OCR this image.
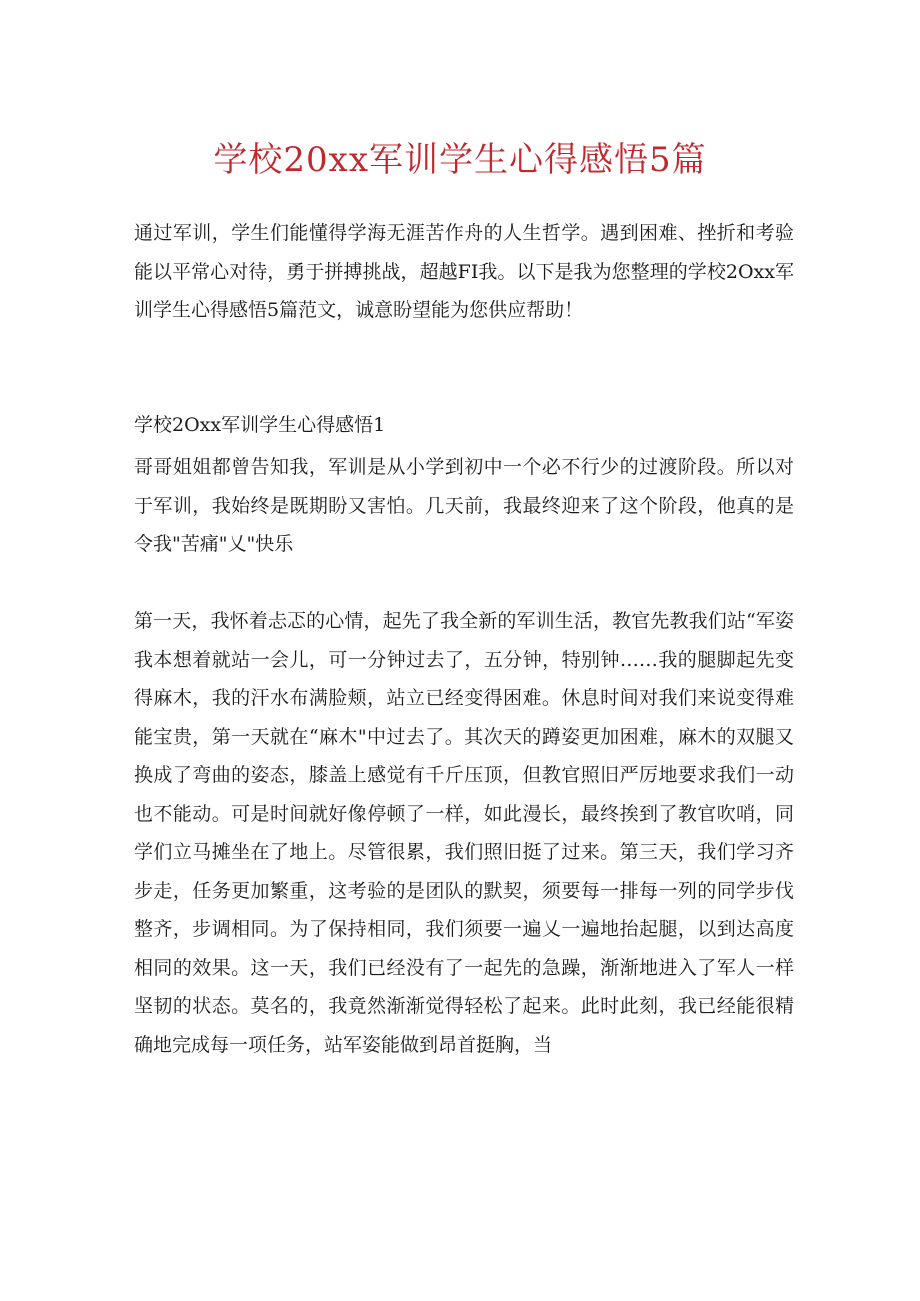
学校20xx军训学生心得感悟5篇

通过军训，学生们能懂得学海无涯苦作舟的人生哲学。遇到困难、挫折和考验能以平常心对待，勇于拼搏挑战，超越FI我。以下是我为您整理的学校2Oxx军训学生心得感悟5篇范文，诚意盼望能为您供应帮助！

学校2Oxx军训学生心得感悟1

哥哥姐姐都曾告知我，军训是从小学到初中一个必不行少的过渡阶段。所以对于军训，我始终是既期盼又害怕。几天前，我最终迎来了这个阶段，他真的是令我"苦痛"乂"快乐

第一天，我怀着忐忑的心情，起先了我全新的军训生活，教官先教我们站“军姿我本想着就站一会儿，可一分钟过去了，五分钟，特别钟……我的腿脚起先变得麻木，我的汗水布满脸颊，站立已经变得困难。休息时间对我们来说变得难能宝贵，第一天就在“麻木"中过去了。其次天的蹲姿更加困难，麻木的双腿又换成了弯曲的姿态，膝盖上感觉有千斤压顶，但教官照旧严厉地要求我们一动也不能动。可是时间就好像停顿了一样，如此漫长，最终挨到了教官吹哨，同学们立马摊坐在了地上。尽管很累，我们照旧挺了过来。第三天，我们学习齐步走，任务更加繁重，这考验的是团队的默契，须要每一排每一列的同学步伐整齐，步调相同。为了保持相同，我们须要一遍乂一遍地抬起腿，以到达高度相同的效果。这一天，我们已经没有了一起先的急躁，渐渐地进入了军人一样坚韧的状态。莫名的，我竟然渐渐觉得轻松了起来。此时此刻，我已经能很精确地完成每一项任务，站军姿能做到昂首挺胸，当
